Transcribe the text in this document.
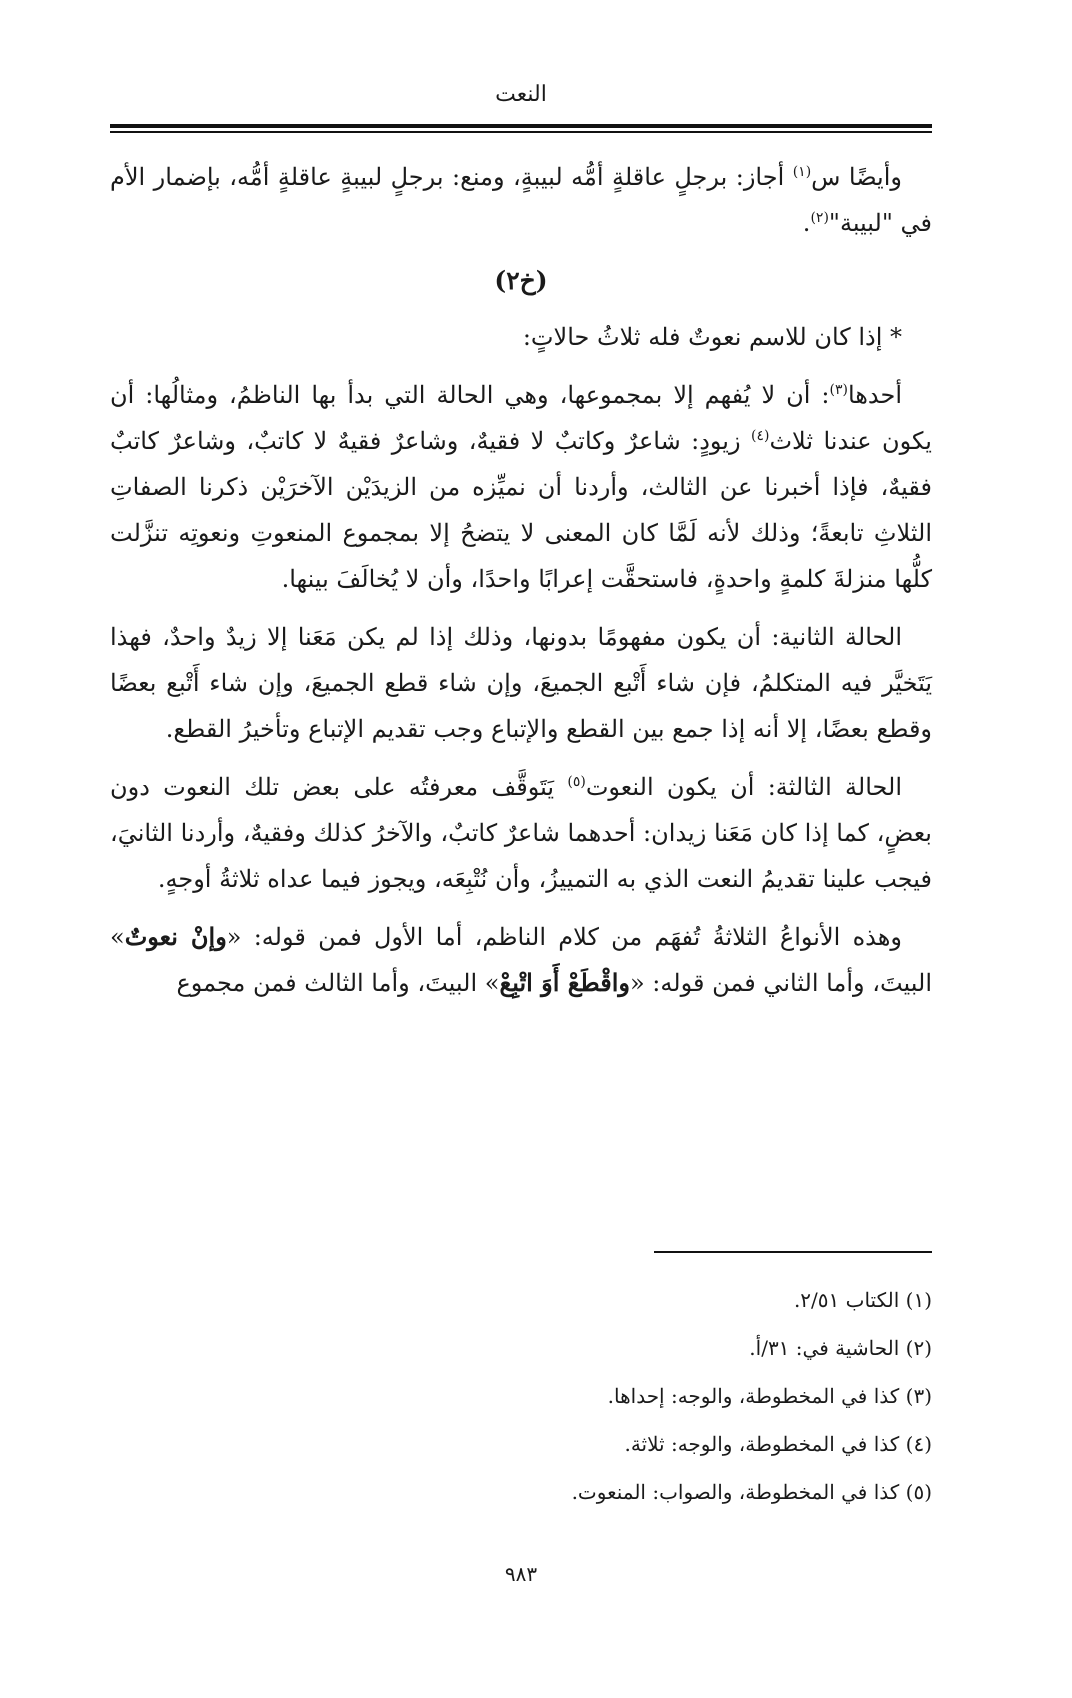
النعت

وأيضًا س$^{(١)}$ أجاز: برجلٍ عاقلةٍ أمُّه لبيبةٍ، ومنع: برجلٍ لبيبةٍ عاقلةٍ أمُّه، بإضمار الأم في "لبيبة"$^{(٢)}$.

(خ٢)

* إذا كان للاسم نعوتٌ فله ثلاثُ حالاتٍ:

أحدها$^{(٣)}$: أن لا يُفهم إلا بمجموعها، وهي الحالة التي بدأ بها الناظمُ، ومثالُها: أن يكون عندنا ثلاث$^{(٤)}$ زيودٍ: شاعرٌ وكاتبٌ لا فقيهٌ، وشاعرٌ فقيهٌ لا كاتبٌ، وشاعرٌ كاتبٌ فقيهٌ، فإذا أخبرنا عن الثالث، وأردنا أن نميِّزه من الزيدَيْن الآخرَيْن ذكرنا الصفاتِ الثلاثِ تابعةً؛ وذلك لأنه لَمَّا كان المعنى لا يتضحُ إلا بمجموع المنعوتِ ونعوتِه تنزَّلت كلُّها منزلةَ كلمةٍ واحدةٍ، فاستحقَّت إعرابًا واحدًا، وأن لا يُخالَفَ بينها.

الحالة الثانية: أن يكون مفهومًا بدونها، وذلك إذا لم يكن مَعَنا إلا زيدٌ واحدٌ، فهذا يَتَخيَّر فيه المتكلمُ، فإن شاء أَتْبع الجميعَ، وإن شاء قطع الجميعَ، وإن شاء أَتْبع بعضًا وقطع بعضًا، إلا أنه إذا جمع بين القطع والإتباع وجب تقديم الإتباع وتأخيرُ القطع.

الحالة الثالثة: أن يكون النعوت$^{(٥)}$ يَتَوقَّف معرفتُه على بعض تلك النعوت دون بعضٍ، كما إذا كان مَعَنا زيدان: أحدهما شاعرٌ كاتبٌ، والآخرُ كذلك وفقيهٌ، وأردنا الثانيَ، فيجب علينا تقديمُ النعت الذي به التمييزُ، وأن نُتْبِعَه، ويجوز فيما عداه ثلاثةُ أوجهٍ.

وهذه الأنواعُ الثلاثةُ تُفهَم من كلام الناظم، أما الأول فمن قوله: «وإنْ نعوتٌ» البيتَ، وأما الثاني فمن قوله: «واقْطَعْ أَوَ اتْبِعْ» البيتَ، وأما الثالث فمن مجموع

(١) الكتاب ٢/٥١.
(٢) الحاشية في: ٣١/أ.
(٣) كذا في المخطوطة، والوجه: إحداها.
(٤) كذا في المخطوطة، والوجه: ثلاثة.
(٥) كذا في المخطوطة، والصواب: المنعوت.
٩٨٣
